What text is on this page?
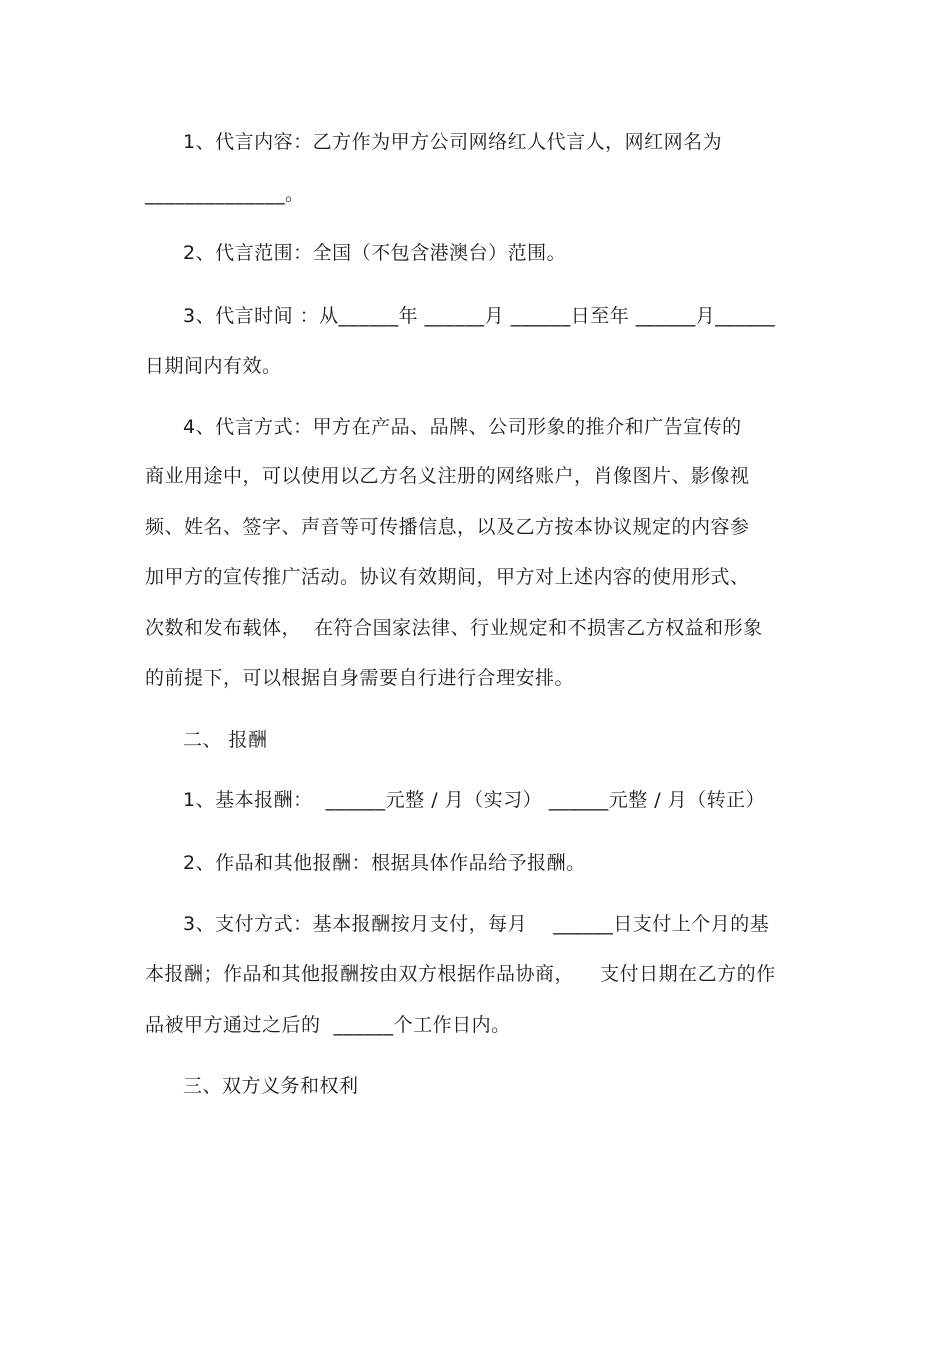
1、代言内容：乙方作为甲方公司网络红人代言人，网红网名为
______________。
2、代言范围：全国（不包含港澳台）范围。
3、代言时间 ：从______年 ______月 ______日至年 ______月______
日期间内有效。
4、代言方式：甲方在产品、品牌、公司形象的推介和广告宣传的
商业用途中，可以使用以乙方名义注册的网络账户，肖像图片、影像视
频、姓名、签字、声音等可传播信息，以及乙方按本协议规定的内容参
加甲方的宣传推广活动。协议有效期间，甲方对上述内容的使用形式、
次数和发布载体，  在符合国家法律、行业规定和不损害乙方权益和形象
的前提下，可以根据自身需要自行进行合理安排。
二、 报酬
1、基本报酬：  ______元整 / 月（实习） ______元整 / 月（转正）
2、作品和其他报酬：根据具体作品给予报酬。
3、支付方式：基本报酬按月支付，每月    ______日支付上个月的基
本报酬；作品和其他报酬按由双方根据作品协商，    支付日期在乙方的作
品被甲方通过之后的  ______个工作日内。
三、双方义务和权利
